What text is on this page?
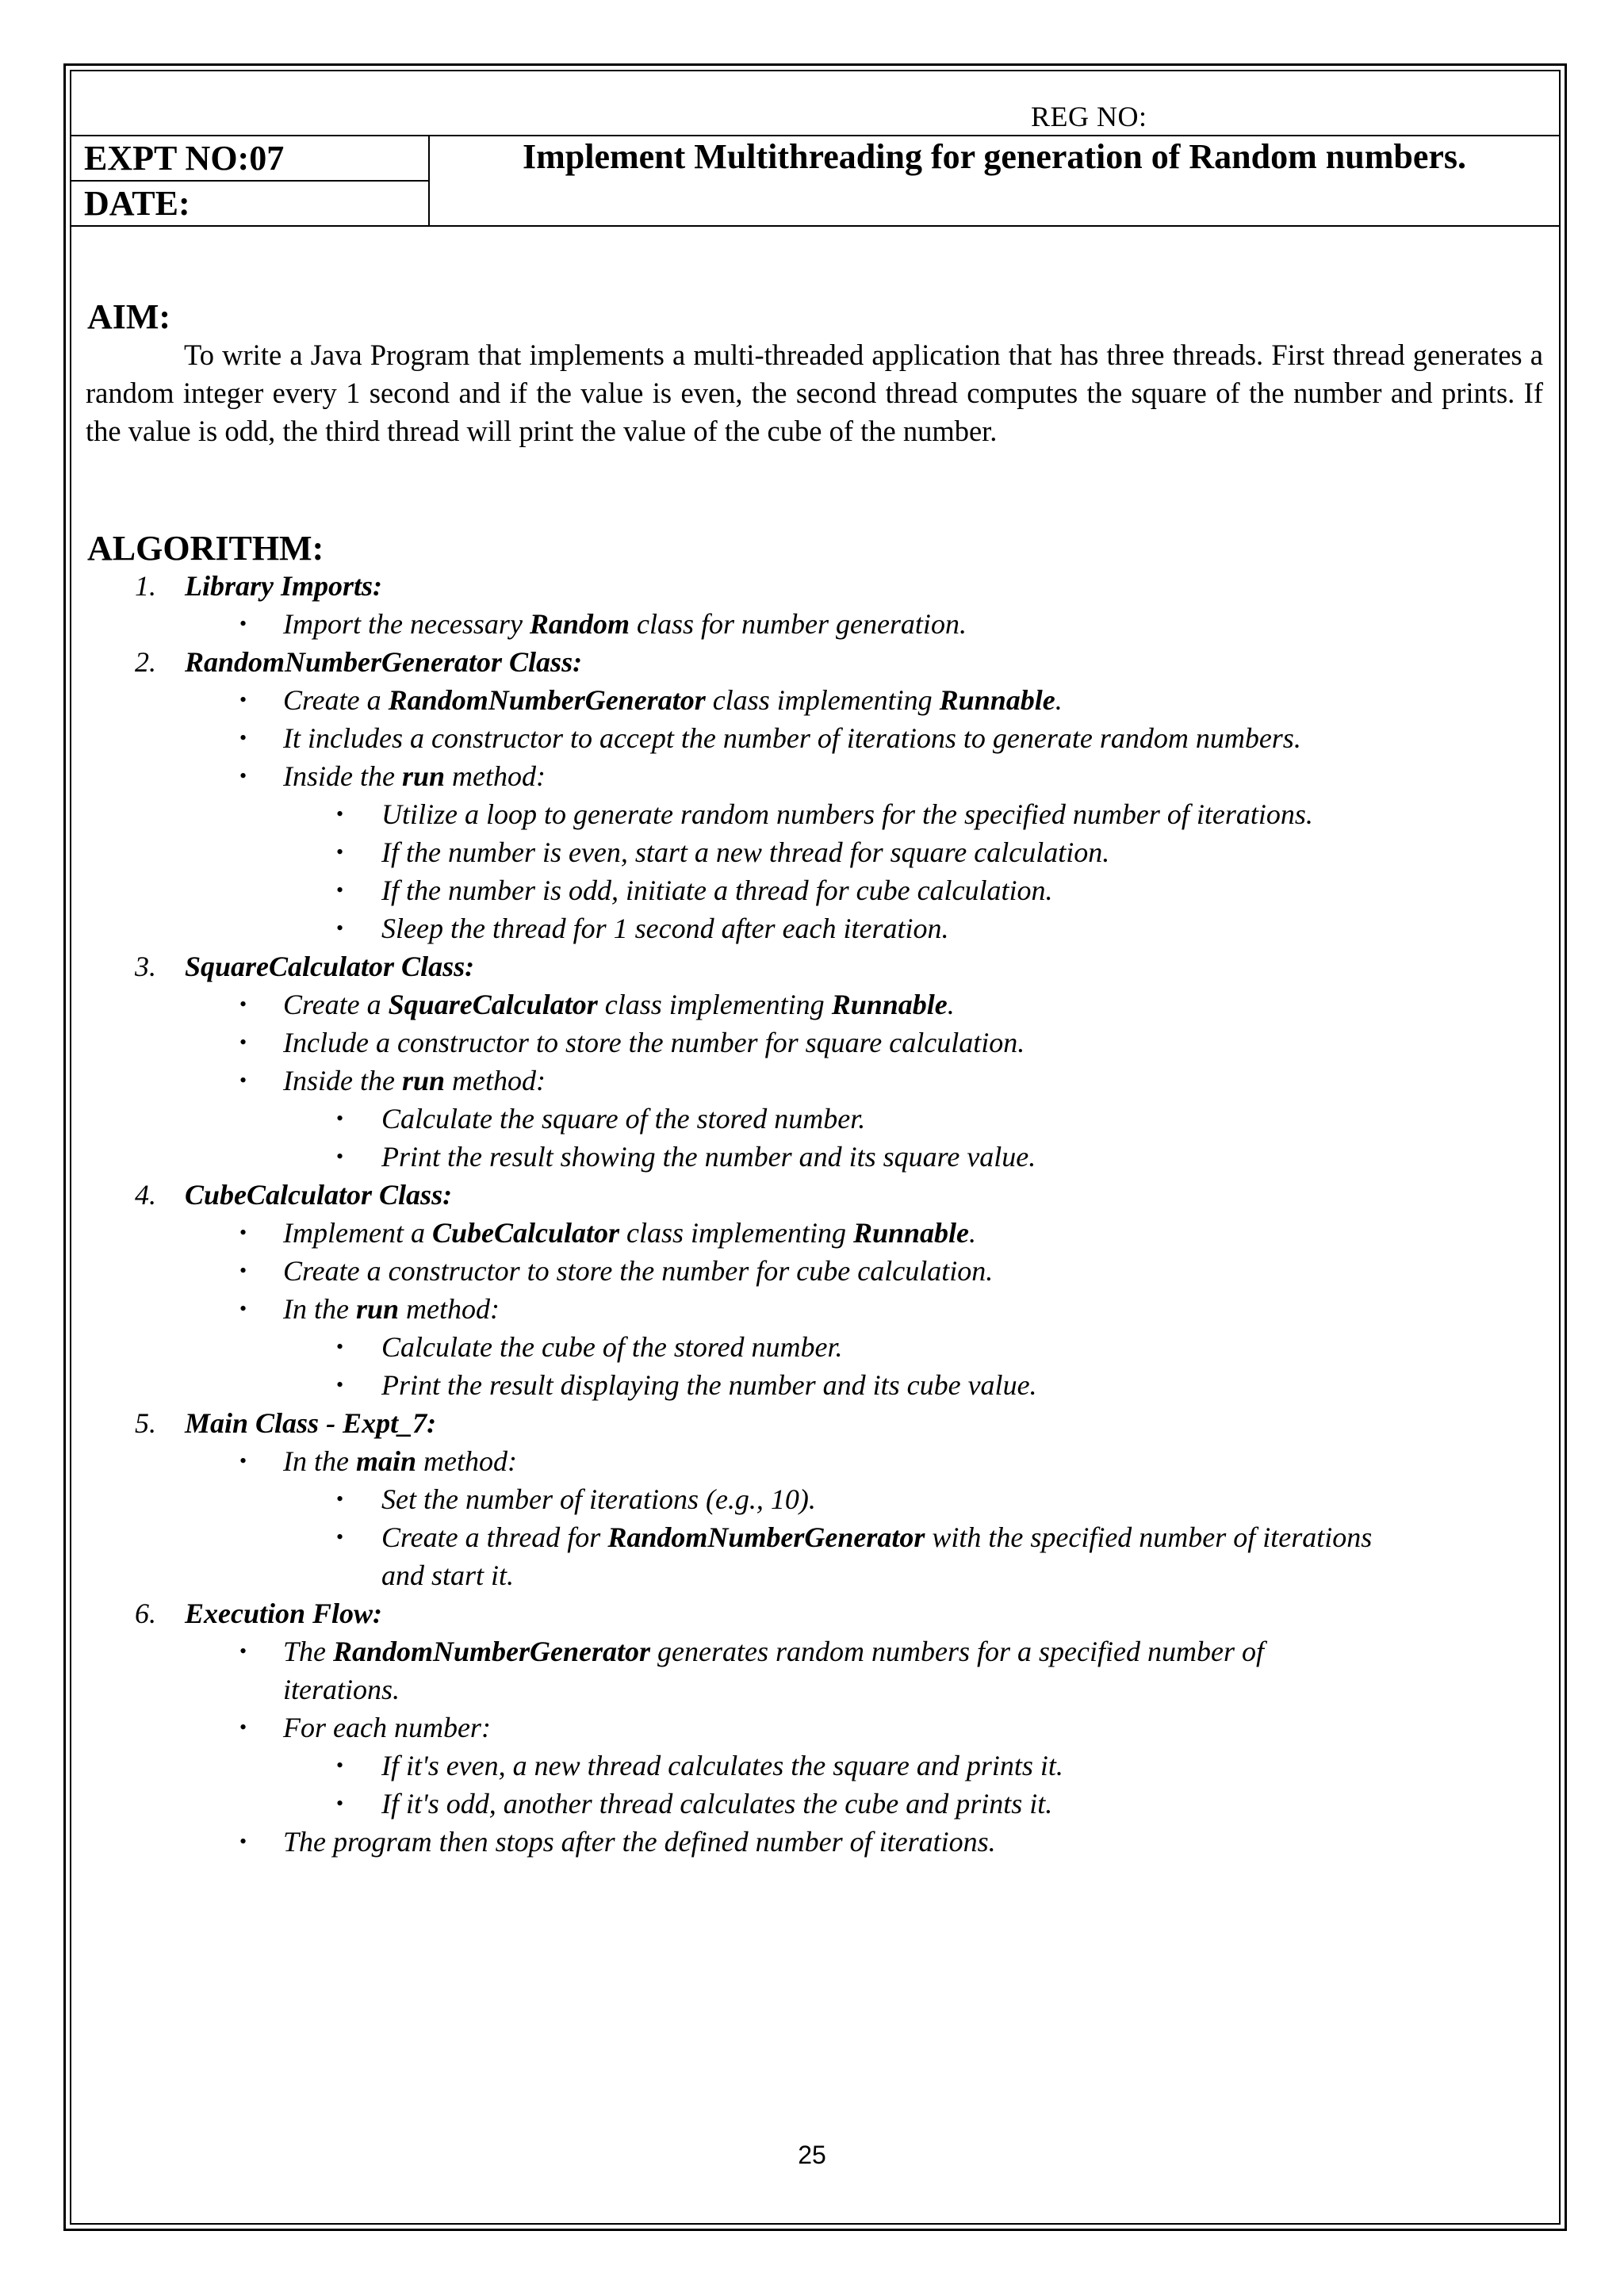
REG NO:
EXPT NO:07
DATE:
Implement Multithreading for generation of Random numbers.
AIM:
To write a Java Program that implements a multi-threaded application that has three threads. First thread generates a random integer every 1 second and if the value is even, the second thread computes the square of the number and prints. If the value is odd, the third thread will print the value of the cube of the number.
ALGORITHM:
1. Library Imports:
• Import the necessary Random class for number generation.
2. RandomNumberGenerator Class:
• Create a RandomNumberGenerator class implementing Runnable.
• It includes a constructor to accept the number of iterations to generate random numbers.
• Inside the run method:
• Utilize a loop to generate random numbers for the specified number of iterations.
• If the number is even, start a new thread for square calculation.
• If the number is odd, initiate a thread for cube calculation.
• Sleep the thread for 1 second after each iteration.
3. SquareCalculator Class:
• Create a SquareCalculator class implementing Runnable.
• Include a constructor to store the number for square calculation.
• Inside the run method:
• Calculate the square of the stored number.
• Print the result showing the number and its square value.
4. CubeCalculator Class:
• Implement a CubeCalculator class implementing Runnable.
• Create a constructor to store the number for cube calculation.
• In the run method:
• Calculate the cube of the stored number.
• Print the result displaying the number and its cube value.
5. Main Class - Expt_7:
• In the main method:
• Set the number of iterations (e.g., 10).
• Create a thread for RandomNumberGenerator with the specified number of iterations
and start it.
6. Execution Flow:
• The RandomNumberGenerator generates random numbers for a specified number of
iterations.
• For each number:
• If it's even, a new thread calculates the square and prints it.
• If it's odd, another thread calculates the cube and prints it.
• The program then stops after the defined number of iterations.
25
